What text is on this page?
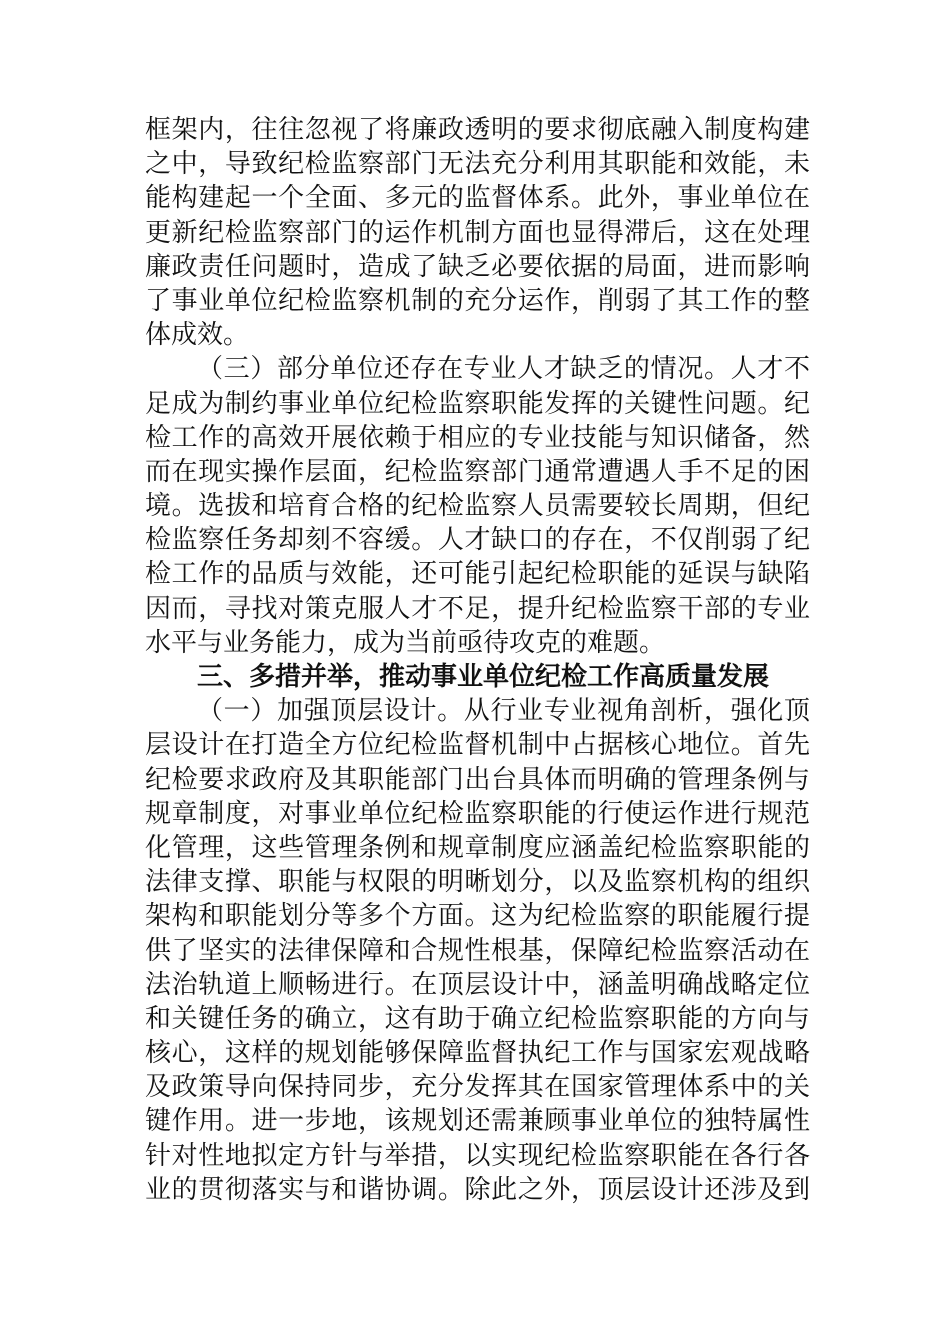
框架内，往往忽视了将廉政透明的要求彻底融入制度构建
之中，导致纪检监察部门无法充分利用其职能和效能，未
能构建起一个全面、多元的监督体系。此外，事业单位在
更新纪检监察部门的运作机制方面也显得滞后，这在处理
廉政责任问题时，造成了缺乏必要依据的局面，进而影响
了事业单位纪检监察机制的充分运作，削弱了其工作的整
体成效。
（三）部分单位还存在专业人才缺乏的情况。人才不
足成为制约事业单位纪检监察职能发挥的关键性问题。纪
检工作的高效开展依赖于相应的专业技能与知识储备，然
而在现实操作层面，纪检监察部门通常遭遇人手不足的困
境。选拔和培育合格的纪检监察人员需要较长周期，但纪
检监察任务却刻不容缓。人才缺口的存在，不仅削弱了纪
检工作的品质与效能，还可能引起纪检职能的延误与缺陷
因而，寻找对策克服人才不足，提升纪检监察干部的专业
水平与业务能力，成为当前亟待攻克的难题。
三、多措并举，推动事业单位纪检工作高质量发展
（一）加强顶层设计。从行业专业视角剖析，强化顶
层设计在打造全方位纪检监督机制中占据核心地位。首先
纪检要求政府及其职能部门出台具体而明确的管理条例与
规章制度，对事业单位纪检监察职能的行使运作进行规范
化管理，这些管理条例和规章制度应涵盖纪检监察职能的
法律支撑、职能与权限的明晰划分，以及监察机构的组织
架构和职能划分等多个方面。这为纪检监察的职能履行提
供了坚实的法律保障和合规性根基，保障纪检监察活动在
法治轨道上顺畅进行。在顶层设计中，涵盖明确战略定位
和关键任务的确立，这有助于确立纪检监察职能的方向与
核心，这样的规划能够保障监督执纪工作与国家宏观战略
及政策导向保持同步，充分发挥其在国家管理体系中的关
键作用。进一步地，该规划还需兼顾事业单位的独特属性
针对性地拟定方针与举措，以实现纪检监察职能在各行各
业的贯彻落实与和谐协调。除此之外，顶层设计还涉及到
